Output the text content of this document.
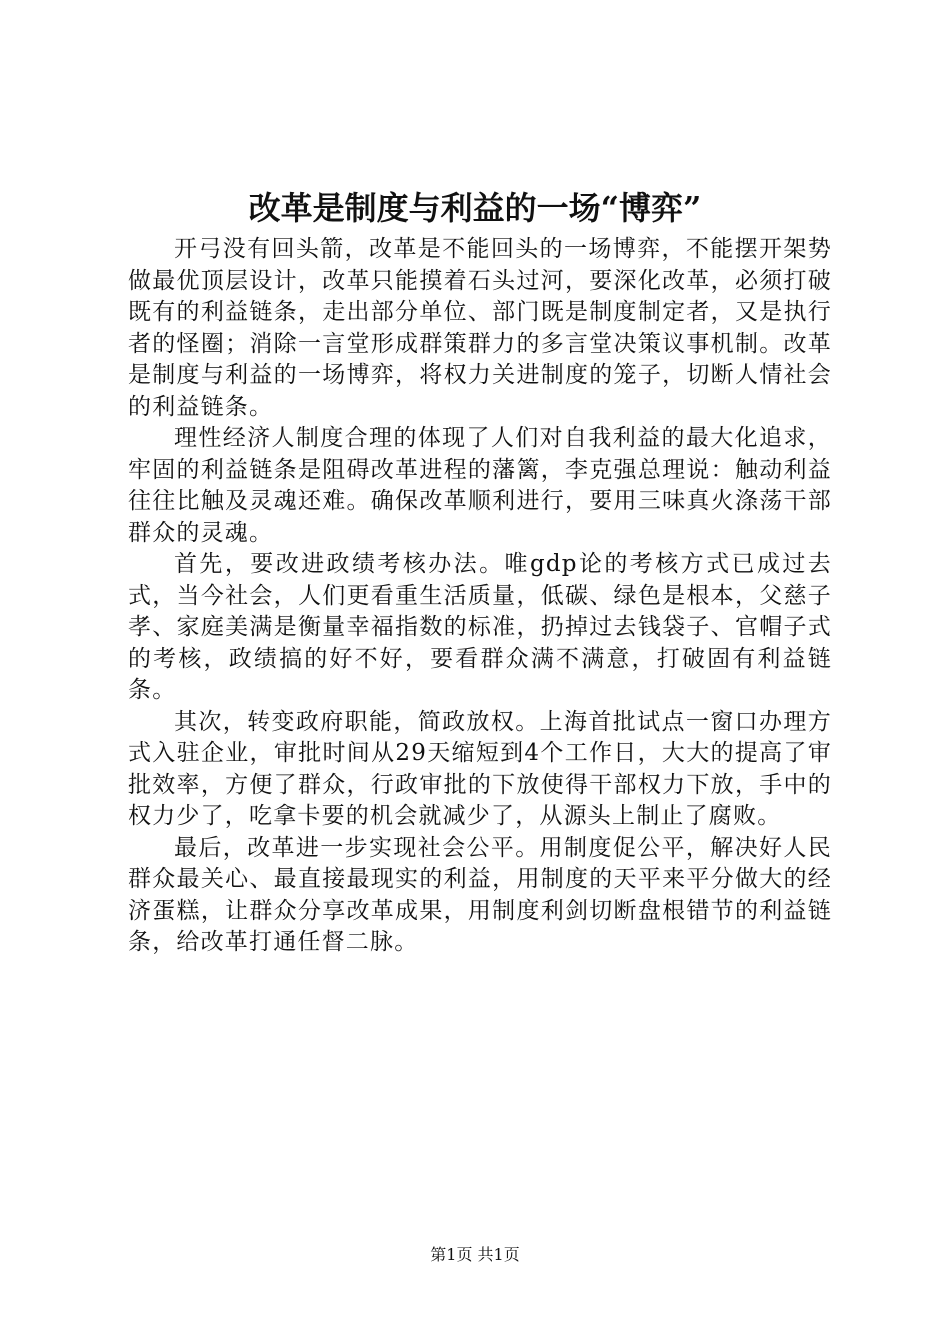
改革是制度与利益的一场“博弈”

开弓没有回头箭，改革是不能回头的一场博弈，不能摆开架势做最优顶层设计，改革只能摸着石头过河，要深化改革，必须打破既有的利益链条，走出部分单位、部门既是制度制定者，又是执行者的怪圈；消除一言堂形成群策群力的多言堂决策议事机制。改革是制度与利益的一场博弈，将权力关进制度的笼子，切断人情社会的利益链条。

理性经济人制度合理的体现了人们对自我利益的最大化追求，牢固的利益链条是阻碍改革进程的藩篱，李克强总理说：触动利益往往比触及灵魂还难。确保改革顺利进行，要用三味真火涤荡干部群众的灵魂。

首先，要改进政绩考核办法。唯gdp论的考核方式已成过去式，当今社会，人们更看重生活质量，低碳、绿色是根本，父慈子孝、家庭美满是衡量幸福指数的标准，扔掉过去钱袋子、官帽子式的考核，政绩搞的好不好，要看群众满不满意，打破固有利益链条。

其次，转变政府职能，简政放权。上海首批试点一窗口办理方式入驻企业，审批时间从29天缩短到4个工作日，大大的提高了审批效率，方便了群众，行政审批的下放使得干部权力下放，手中的权力少了，吃拿卡要的机会就减少了，从源头上制止了腐败。

最后，改革进一步实现社会公平。用制度促公平，解决好人民群众最关心、最直接最现实的利益，用制度的天平来平分做大的经济蛋糕，让群众分享改革成果，用制度利剑切断盘根错节的利益链条，给改革打通任督二脉。

第1页 共1页
